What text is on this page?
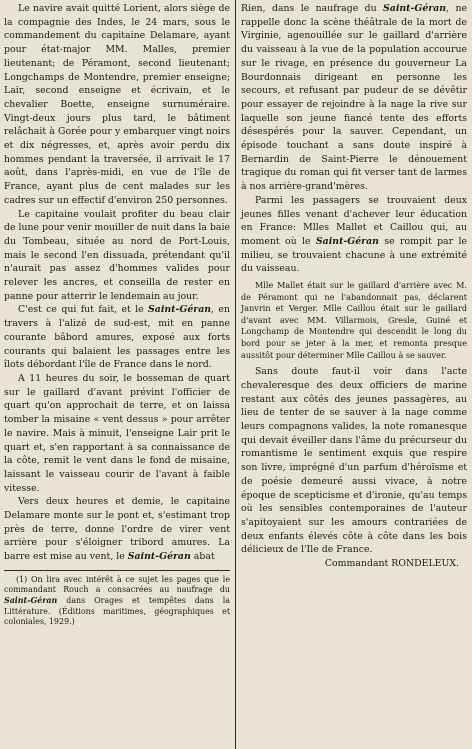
Le navire avait quitté Lorient, alors siège de la compagnie des Indes, le 24 mars, sous le commandement du capitaine Delamare, ayant pour état-major MM. Malles, premier lieutenant; de Péramont, second lieutenant; Longchamps de Montendre, premier enseigne; Lair, second enseigne et écrivain, et le chevalier Boette, enseigne surnuméraire. Vingt-deux jours plus tard, le bâtiment relâchait à Gorée pour y embarquer vingt noirs et dix négresses, et, après avoir perdu dix hommes pendant la traversée, il arrivait le 17 août, dans l'après-midi, en vue de l'île de France, ayant plus de cent malades sur les cadres sur un effectif d'environ 250 personnes.

Le capitaine voulait profiter du beau clair de lune pour venir mouiller de nuit dans la baie du Tombeau, située au nord de Port-Louis, mais le second l'en dissuada, prétendant qu'il n'aurait pas assez d'hommes valides pour relever les ancres, et conseilla de rester en panne pour atterrir le lendemain au jour.

C'est ce qui fut fait, et le Saint-Géran, en travers à l'alizé de sud-est, mit en panne courante bâbord amures, exposé aux forts courants qui balaient les passages entre les îlots débordant l'île de France dans le nord.

A 11 heures du soir, le bosseman de quart sur le gaillard d'avant prévint l'officier de quart qu'on approchait de terre, et on laissa tomber la misaine « vent dessus » pour arrêter le navire. Mais à minuit, l'enseigne Lair prit le quart et, s'en rapportant à sa connaissance de la côte, remit le vent dans le fond de misaine, laissant le vaisseau courir de l'avant à faible vitesse.

Vers deux heures et demie, le capitaine Delamare monte sur le pont et, s'estimant trop près de terre, donne l'ordre de virer vent arrière pour s'éloigner tribord amures. La barre est mise au vent, le Saint-Géran abat

(1) On lira avec intérêt à ce sujet les pages que le commandant Rouch a consacrées au naufrage du Saint-Géran dans Orages et tempêtes dans la Littérature. (Éditions maritimes, géographiques et coloniales, 1929.)

Rien, dans le naufrage du Saint-Géran, ne rappelle donc la scène théâtrale de la mort de Virginie, agenouillée sur le gaillard d'arrière du vaisseau à la vue de la population accourue sur le rivage, en présence du gouverneur La Bourdonnais dirigeant en personne les secours, et refusant par pudeur de se dévêtir pour essayer de rejoindre à la nage la rive sur laquelle son jeune fiancé tente des efforts désespérés pour la sauver. Cependant, un épisode touchant a sans doute inspiré à Bernardin de Saint-Pierre le dénouement tragique du roman qui fit verser tant de larmes à nos arrière-grand'mères.

Parmi les passagers se trouvaient deux jeunes filles venant d'achever leur éducation en France: Mlles Mallet et Caillou qui, au moment où le Saint-Géran se rompit par le milieu, se trouvaient chacune à une extrémité du vaisseau.

Mlle Mallet était sur le gaillard d'arrière avec M. de Péramont qui ne l'abandonnait pas, déclarent Janvrin et Verger. Mlle Caillou était sur le gaillard d'avant avec MM. Villarmois, Gresle, Guiné et Longchamp de Montendre qui descendit le long du bord pour se jeter à la mer, et remonta presque aussitôt pour déterminer Mlle Caillou à se sauver.

Sans doute faut-il voir dans l'acte chevaleresque des deux officiers de marine restant aux côtés des jeunes passagères, au lieu de tenter de se sauver à la nage comme leurs compagnons valides, la note romanesque qui devait éveiller dans l'âme du précurseur du romantisme le sentiment exquis que respire son livre, imprégné d'un parfum d'héroïsme et de poésie demeuré aussi vivace, à notre époque de scepticisme et d'ironie, qu'au temps où les sensibles contemporaines de l'auteur s'apitoyaient sur les amours contrariées de deux enfants élevés côte à côte dans les bois délicieux de l'Ile de France.

Commandant RONDELEUX.
